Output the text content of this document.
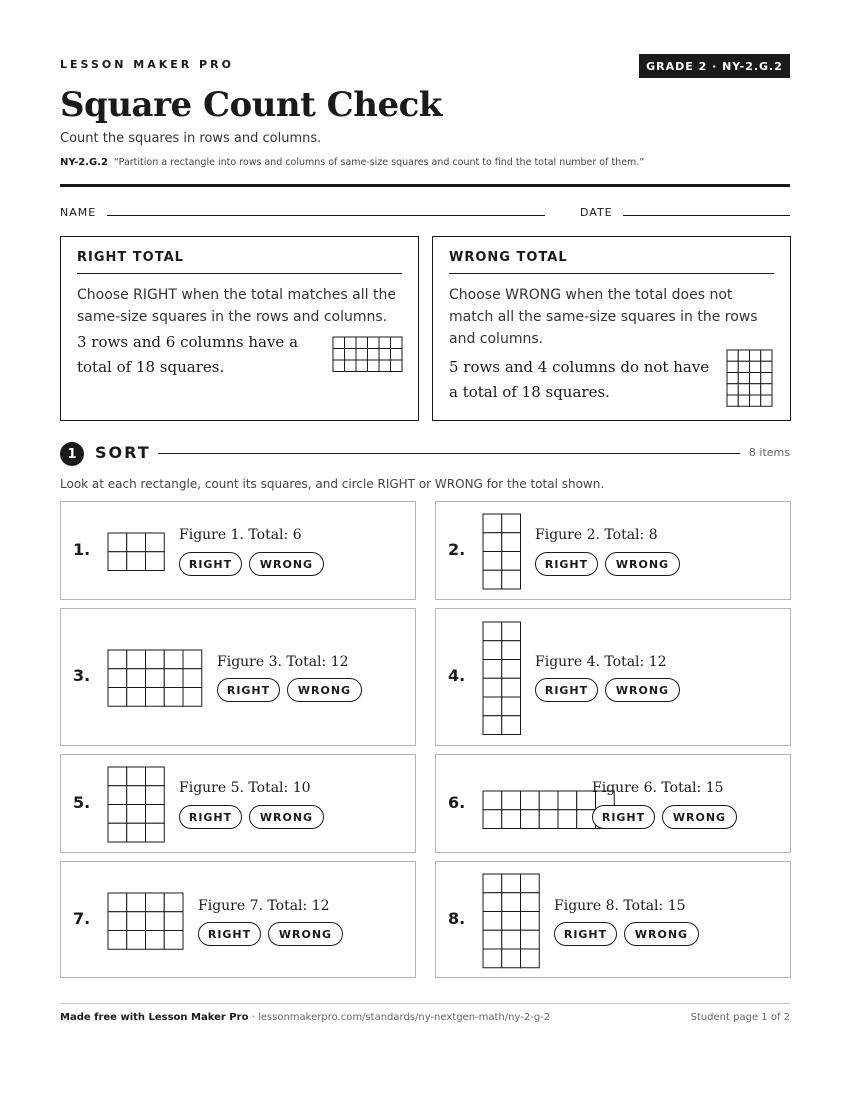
LESSON MAKER PRO	GRADE 2 · NY-2.G.2
Square Count Check
Count the squares in rows and columns.
NY-2.G.2 “Partition a rectangle into rows and columns of same-size squares and count to find the total number of them.”
NAME	DATE
RIGHT TOTAL
Choose RIGHT when the total matches all the same-size squares in the rows and columns.
3 rows and 6 columns have a total of 18 squares.
WRONG TOTAL
Choose WRONG when the total does not match all the same-size squares in the rows and columns.
5 rows and 4 columns do not have a total of 18 squares.
1	SORT	8 items
Look at each rectangle, count its squares, and circle RIGHT or WRONG for the total shown.
1.
Figure 1. Total: 6
RIGHT	WRONG
2.
Figure 2. Total: 8
RIGHT	WRONG
3.
Figure 3. Total: 12
RIGHT	WRONG
4.
Figure 4. Total: 12
RIGHT	WRONG
5.
Figure 5. Total: 10
RIGHT	WRONG
6.
Figure 6. Total: 15
RIGHT	WRONG
7.
Figure 7. Total: 12
RIGHT	WRONG
8.
Figure 8. Total: 15
RIGHT	WRONG
Made free with Lesson Maker Pro · lessonmakerpro.com/standards/ny-nextgen-math/ny-2-g-2	Student page 1 of 2
